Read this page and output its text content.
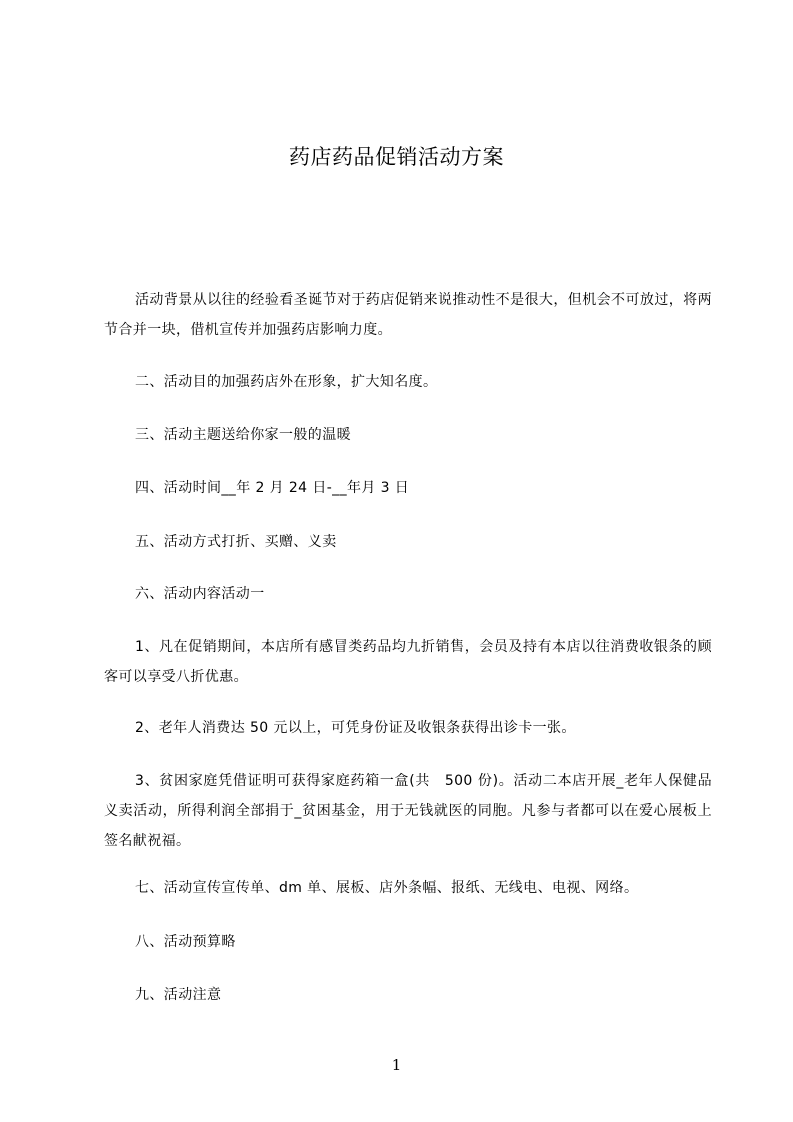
药店药品促销活动方案

活动背景从以往的经验看圣诞节对于药店促销来说推动性不是很大，但机会不可放过，将两节合并一块，借机宣传并加强药店影响力度。

二、活动目的加强药店外在形象，扩大知名度。

三、活动主题送给你家一般的温暖

四、活动时间__年 2 月 24 日-__年月 3 日

五、活动方式打折、买赠、义卖

六、活动内容活动一

1、凡在促销期间，本店所有感冒类药品均九折销售，会员及持有本店以往消费收银条的顾客可以享受八折优惠。

2、老年人消费达 50 元以上，可凭身份证及收银条获得出诊卡一张。

3、贫困家庭凭借证明可获得家庭药箱一盒(共　500 份)。活动二本店开展_老年人保健品义卖活动，所得利润全部捐于_贫困基金，用于无钱就医的同胞。凡参与者都可以在爱心展板上签名献祝福。

七、活动宣传宣传单、dm 单、展板、店外条幅、报纸、无线电、电视、网络。

八、活动预算略

九、活动注意

1
